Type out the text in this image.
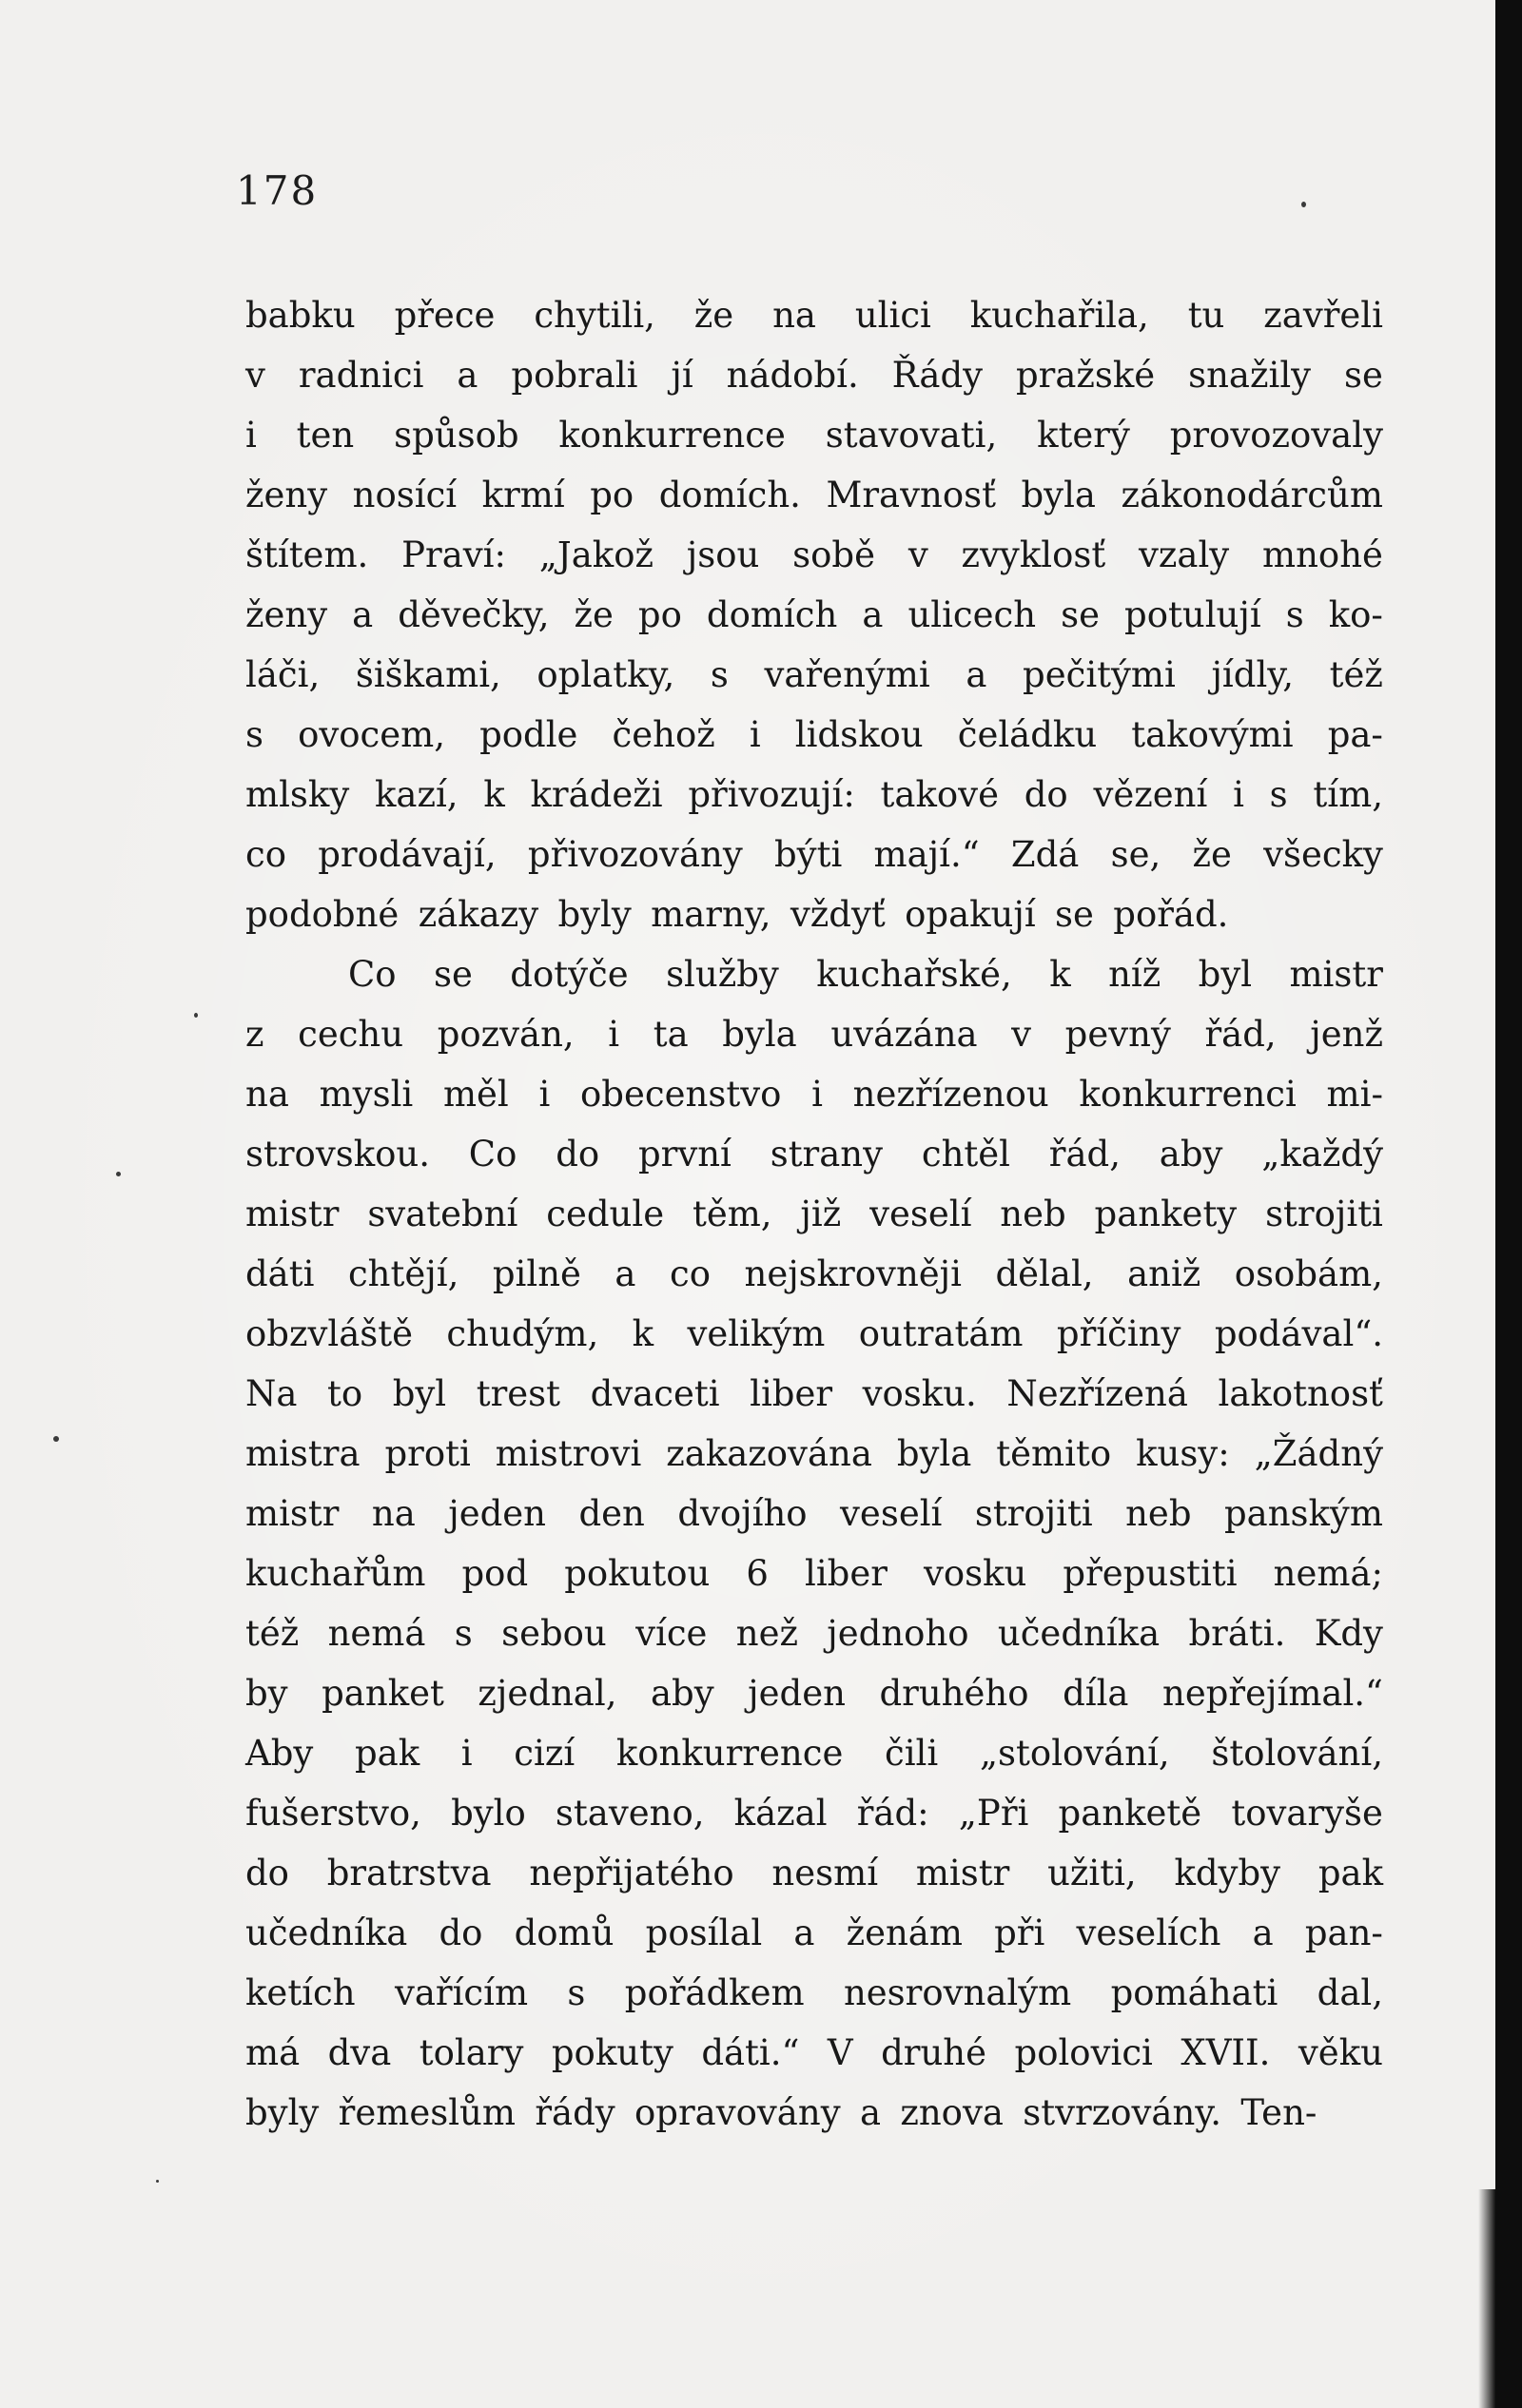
178
babku přece chytili, že na ulici kuchařila, tu zavřeli
v radnici a pobrali jí nádobí. Řády pražské snažily se
i ten spůsob konkurrence stavovati, který provozovaly
ženy nosící krmí po domích. Mravnosť byla zákonodárcům
štítem. Praví: „Jakož jsou sobě v zvyklosť vzaly mnohé
ženy a děvečky, že po domích a ulicech se potulují s ko-
láči, šiškami, oplatky, s vařenými a pečitými jídly, též
s ovocem, podle čehož i lidskou čeládku takovými pa-
mlsky kazí, k krádeži přivozují: takové do vězení i s tím,
co prodávají, přivozovány býti mají.“ Zdá se, že všecky
podobné zákazy byly marny, vždyť opakují se pořád.
Co se dotýče služby kuchařské, k níž byl mistr
z cechu pozván, i ta byla uvázána v pevný řád, jenž
na mysli měl i obecenstvo i nezřízenou konkurrenci mi-
strovskou. Co do první strany chtěl řád, aby „každý
mistr svatební cedule těm, již veselí neb pankety strojiti
dáti chtějí, pilně a co nejskrovněji dělal, aniž osobám,
obzvláště chudým, k velikým outratám příčiny podával“.
Na to byl trest dvaceti liber vosku. Nezřízená lakotnosť
mistra proti mistrovi zakazována byla těmito kusy: „Žádný
mistr na jeden den dvojího veselí strojiti neb panským
kuchařům pod pokutou 6 liber vosku přepustiti nemá;
též nemá s sebou více než jednoho učedníka bráti. Kdy
by panket zjednal, aby jeden druhého díla nepřejímal.“
Aby pak i cizí konkurrence čili „stolování, štolování,
fušerstvo, bylo staveno, kázal řád: „Při panketě tovaryše
do bratrstva nepřijatého nesmí mistr užiti, kdyby pak
učedníka do domů posílal a ženám při veselích a pan-
ketích vařícím s pořádkem nesrovnalým pomáhati dal,
má dva tolary pokuty dáti.“ V druhé polovici XVII. věku
byly řemeslům řády opravovány a znova stvrzovány. Ten-
